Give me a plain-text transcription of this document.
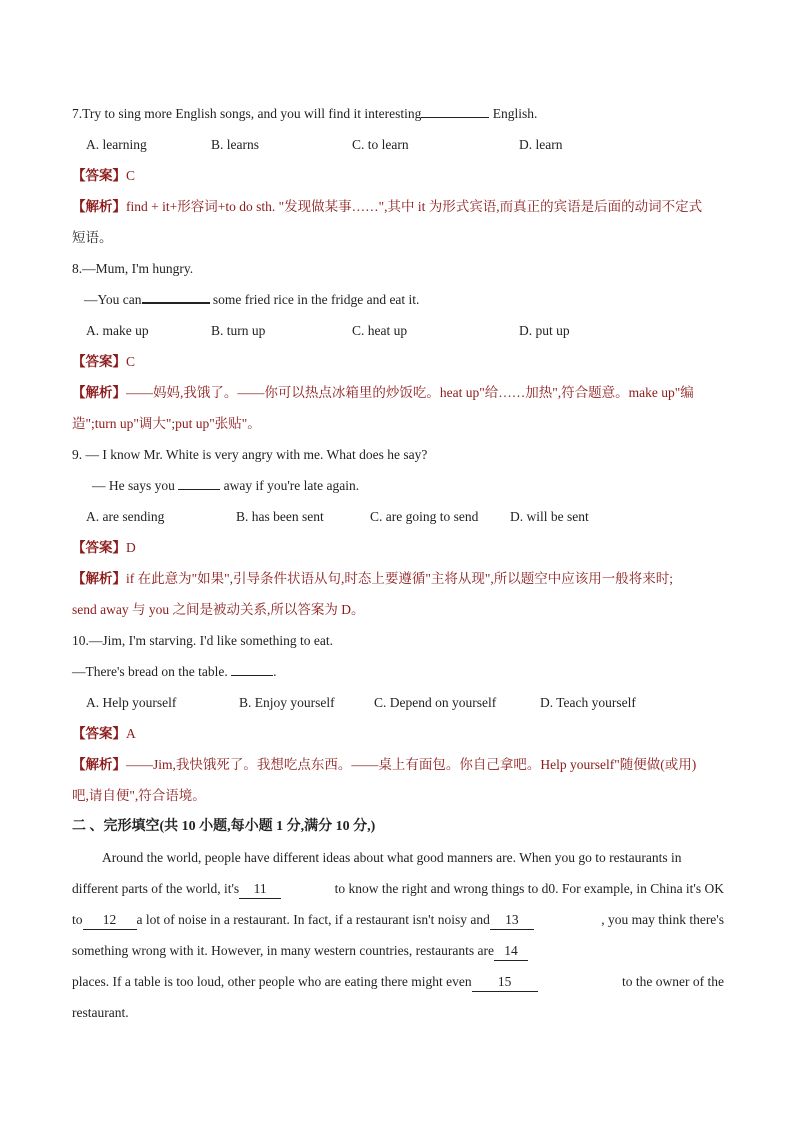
7.Try to sing more English songs, and you will find it interesting	English.
A. learning	B. learns	C. to learn	D. learn
【答案】C
【解析】find + it+形容词+to do sth. "发现做某事……",其中 it 为形式宾语,而真正的宾语是后面的动词不定式
短语。
8.—Mum, I'm hungry.
—You can	some fried rice in the fridge and eat it.
A. make up	B. turn up	C. heat up	D. put up
【答案】C
【解析】——妈妈,我饿了。——你可以热点冰箱里的炒饭吃。heat up"给……加热",符合题意。make up"编
造";turn up"调大";put up"张贴"。
9. — I know Mr. White is very angry with me. What does he say?
— He says you	away if you're late again.
A. are sending	B. has been sent	C. are going to send	D. will be sent
【答案】D
【解析】if 在此意为"如果",引导条件状语从句,时态上要遵循"主将从现",所以题空中应该用一般将来时;
send away 与 you 之间是被动关系,所以答案为 D。
10.—Jim, I'm starving. I'd like something to eat.
—There's bread on the table.	.
A. Help yourself	B. Enjoy yourself	C. Depend on yourself	D. Teach yourself
【答案】A
【解析】——Jim,我快饿死了。我想吃点东西。——桌上有面包。你自己拿吧。Help yourself"随便做(或用)
吧,请自便",符合语境。
二 、完形填空(共 10 小题,每小题 1 分,满分 10 分,)
Around the world, people have different ideas about what good manners are. When you go to restaurants in
different parts of the world, it's 11	to know the right and wrong things to d0. For example, in China it's OK
to 12 a lot of noise in a restaurant. In fact, if a restaurant isn't noisy and 13	, you may think there's
something wrong with it. However, in many western countries, restaurants are 14
places. If a table is too loud, other people who are eating there might even 15	to the owner of the
restaurant.
